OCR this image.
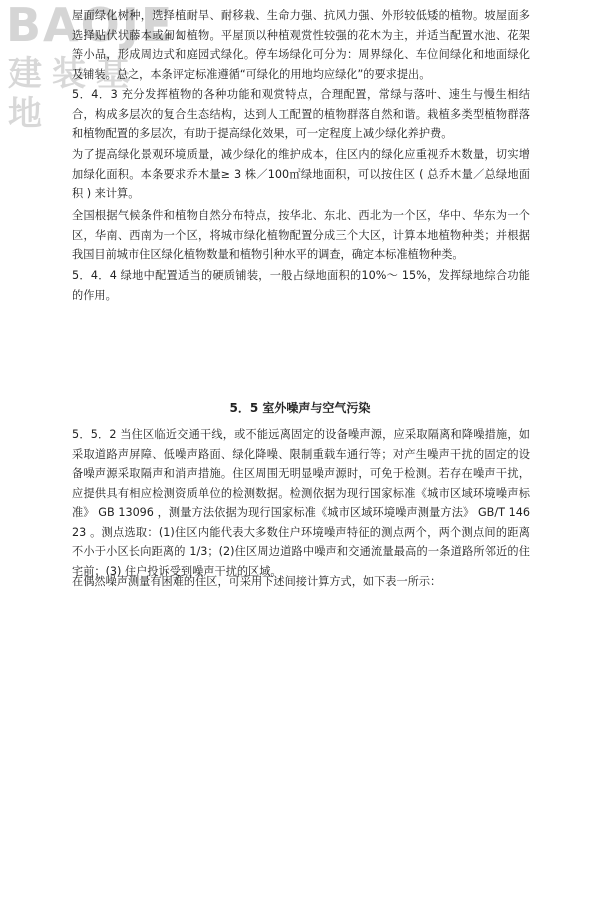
BAOJE
建装基地

屋面绿化树种，选择植耐旱、耐移栽、生命力强、抗风力强、外形较低矮的植物。坡屋面多选择贴伏状藤本或匍匐植物。平屋顶以种植观赏性较强的花木为主，并适当配置水池、花架等小品，形成周边式和庭园式绿化。停车场绿化可分为：周界绿化、车位间绿化和地面绿化及铺装。总之，本条评定标准遵循“可绿化的用地均应绿化”的要求提出。

5．4．3 充分发挥植物的各种功能和观赏特点，合理配置，常绿与落叶、速生与慢生相结合，构成多层次的复合生态结构，达到人工配置的植物群落自然和谐。栽植多类型植物群落和植物配置的多层次，有助于提高绿化效果，可一定程度上减少绿化养护费。

为了提高绿化景观环境质量，减少绿化的维护成本，住区内的绿化应重视乔木数量，切实增加绿化面积。本条要求乔木量≥ 3 株／100㎡绿地面积，可以按住区 ( 总乔木量／总绿地面积 ) 来计算。

全国根据气候条件和植物自然分布特点，按华北、东北、西北为一个区，华中、华东为一个区，华南、西南为一个区，将城市绿化植物配置分成三个大区，计算本地植物种类；并根据我国目前城市住区绿化植物数量和植物引种水平的调查，确定本标准植物种类。

5．4．4 绿地中配置适当的硬质铺装，一般占绿地面积的10%～ 15%，发挥绿地综合功能的作用。

5．5 室外噪声与空气污染

5．5．2 当住区临近交通干线，或不能远离固定的设备噪声源，应采取隔离和降噪措施，如采取道路声屏障、低噪声路面、绿化降噪、限制重载车通行等；对产生噪声干扰的固定的设备噪声源采取隔声和消声措施。住区周围无明显噪声源时，可免于检测。若存在噪声干扰，应提供具有相应检测资质单位的检测数据。检测依据为现行国家标准《城市区域环境噪声标准》 GB 13096 ，测量方法依据为现行国家标准《城市区域环境噪声测量方法》 GB/T 14623 。测点选取：(1)住区内能代表大多数住户环境噪声特征的测点两个，两个测点间的距离不小于小区长向距离的 1/3；(2)住区周边道路中噪声和交通流量最高的一条道路所邻近的住宅前；(3) 住户投诉受到噪声干扰的区域。

在偶然噪声测量有困难的住区，可采用下述间接计算方式，如下表一所示：
